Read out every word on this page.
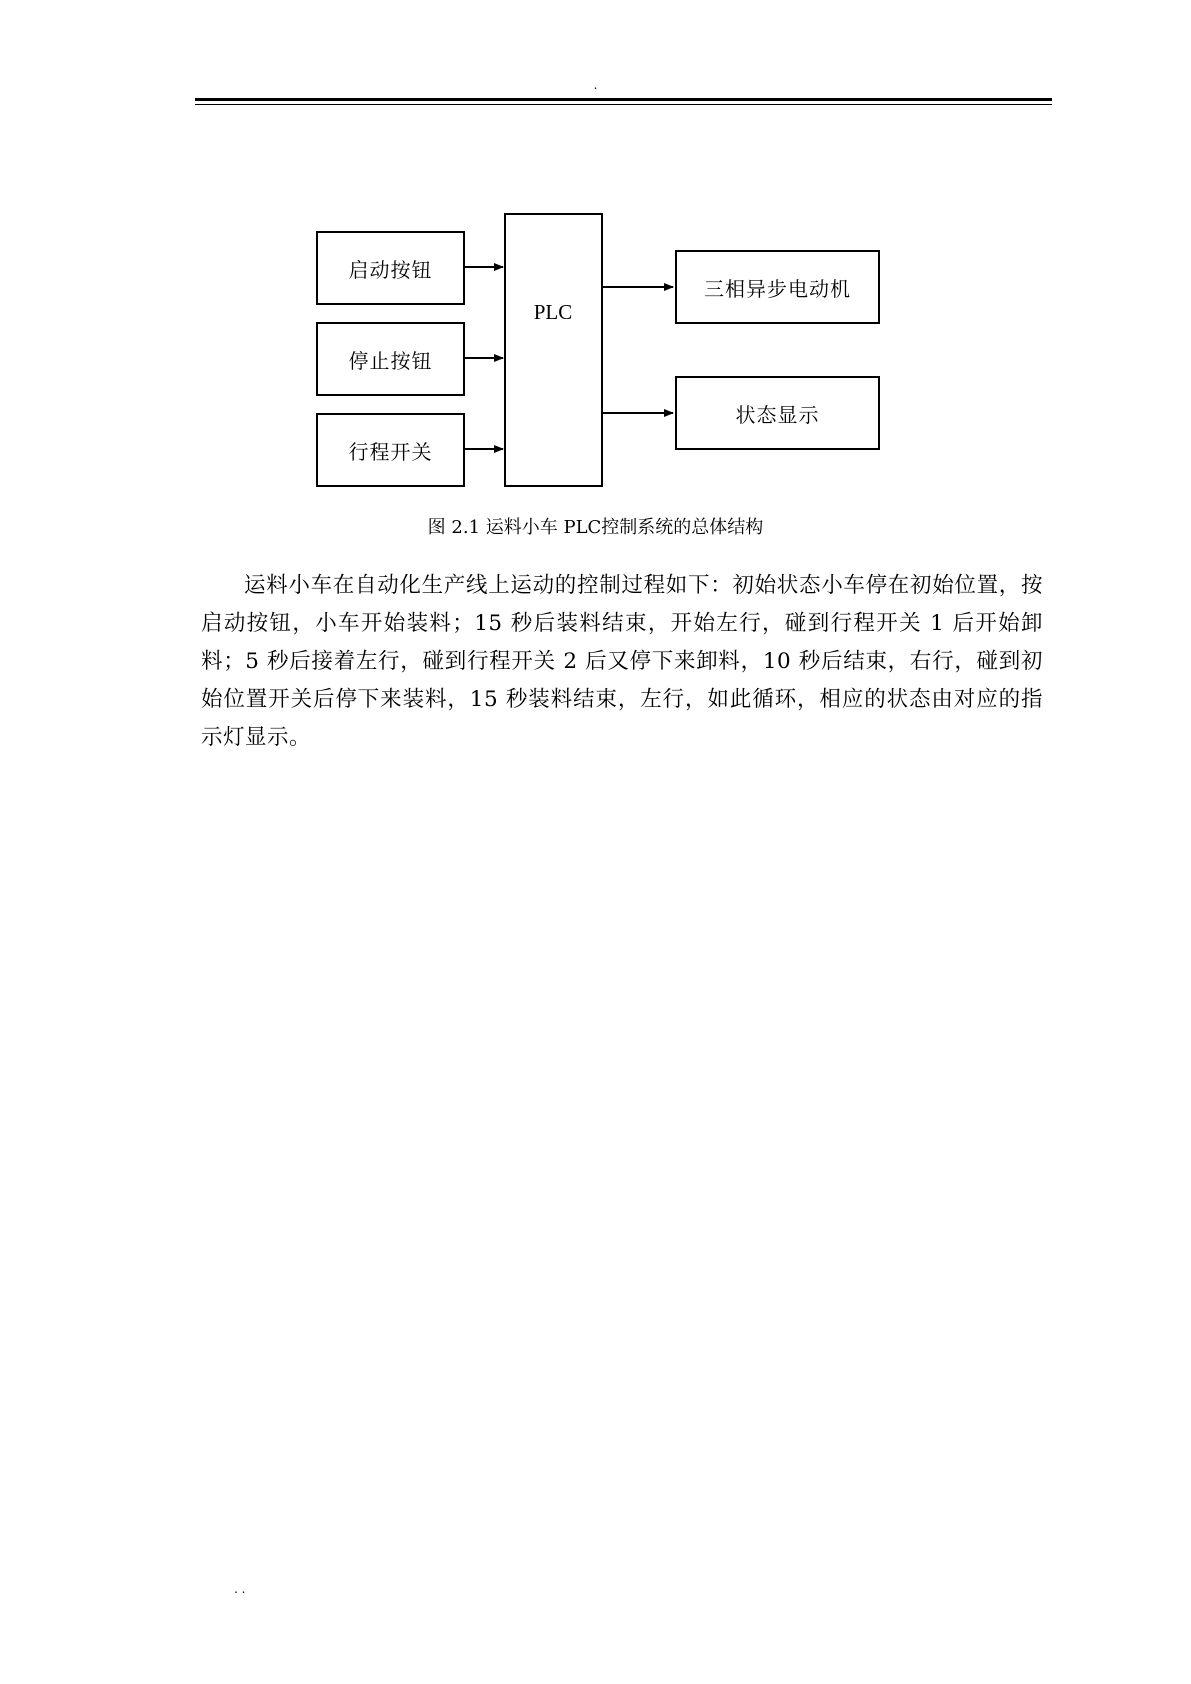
.
启动按钮
停止按钮
行程开关
PLC
三相异步电动机
状态显示
图 2.1 运料小车 PLC控制系统的总体结构

运料小车在自动化生产线上运动的控制过程如下：初始状态小车停在初始位置，按启动按钮，小车开始装料；15 秒后装料结束，开始左行，碰到行程开关 1 后开始卸料；5 秒后接着左行，碰到行程开关 2 后又停下来卸料，10 秒后结束，右行，碰到初始位置开关后停下来装料，15 秒装料结束，左行，如此循环，相应的状态由对应的指示灯显示。

. .
